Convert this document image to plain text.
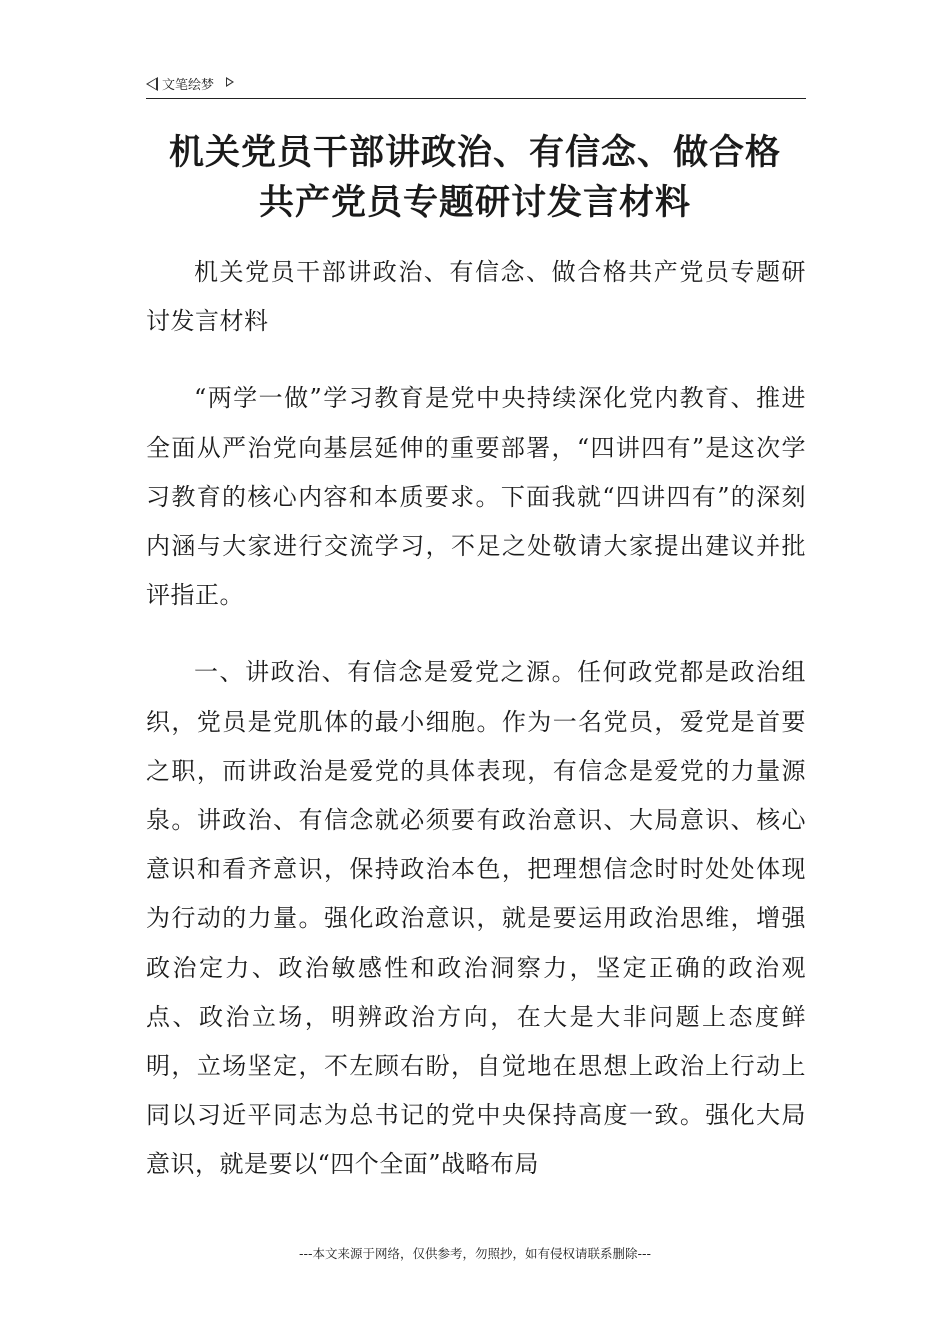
文笔绘梦
机关党员干部讲政治、有信念、做合格
共产党员专题研讨发言材料

机关党员干部讲政治、有信念、做合格共产党员专题研讨发言材料

“两学一做”学习教育是党中央持续深化党内教育、推进全面从严治党向基层延伸的重要部署，“四讲四有”是这次学习教育的核心内容和本质要求。下面我就“四讲四有”的深刻内涵与大家进行交流学习，不足之处敬请大家提出建议并批评指正。

一、讲政治、有信念是爱党之源。任何政党都是政治组织，党员是党肌体的最小细胞。作为一名党员，爱党是首要之职，而讲政治是爱党的具体表现，有信念是爱党的力量源泉。讲政治、有信念就必须要有政治意识、大局意识、核心意识和看齐意识，保持政治本色，把理想信念时时处处体现为行动的力量。强化政治意识，就是要运用政治思维，增强政治定力、政治敏感性和政治洞察力，坚定正确的政治观点、政治立场，明辨政治方向，在大是大非问题上态度鲜明，立场坚定，不左顾右盼，自觉地在思想上政治上行动上同以习近平同志为总书记的党中央保持高度一致。强化大局意识，就是要以“四个全面”战略布局

---本文来源于网络，仅供参考，勿照抄，如有侵权请联系删除---
